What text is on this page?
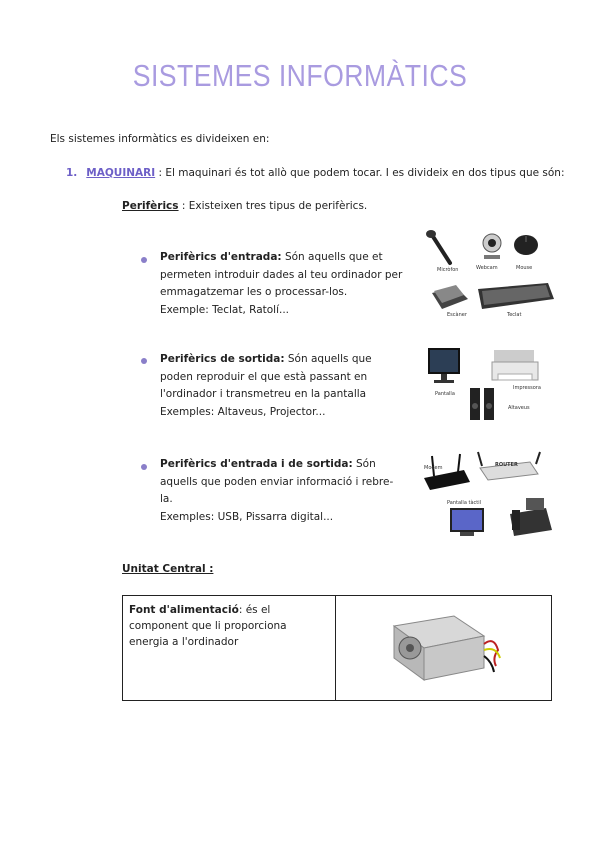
SISTEMES INFORMÀTICS
Els sistemes informàtics es divideixen en:
1. MAQUINARI : El maquinari és tot allò que podem tocar. I es divideix en dos tipus que són:
Perifèrics : Existeixen tres tipus de perifèrics.
Perifèrics d'entrada: Són aquells que et permeten introduir dades al teu ordinador per emmagatzemar les o processar-los.
Exemple: Teclat, Ratolí...
Perifèrics de sortida: Són aquells que poden reproduir el que està passant en l'ordinador i transmetreu en la pantalla
Exemples: Altaveus, Projector...
Perifèrics d'entrada i de sortida: Són aquells que poden enviar informació i rebre-la.
Exemples: USB, Pissarra digital...
Micròfon	Webcam	Mouse
Escàner	Teclat
Pantalla
Impressora
Altaveus
Modem	ROUTER
Pantalla tàctil
Unitat Central :
Font d'alimentació: és el component que li proporciona energia a l'ordinador	
